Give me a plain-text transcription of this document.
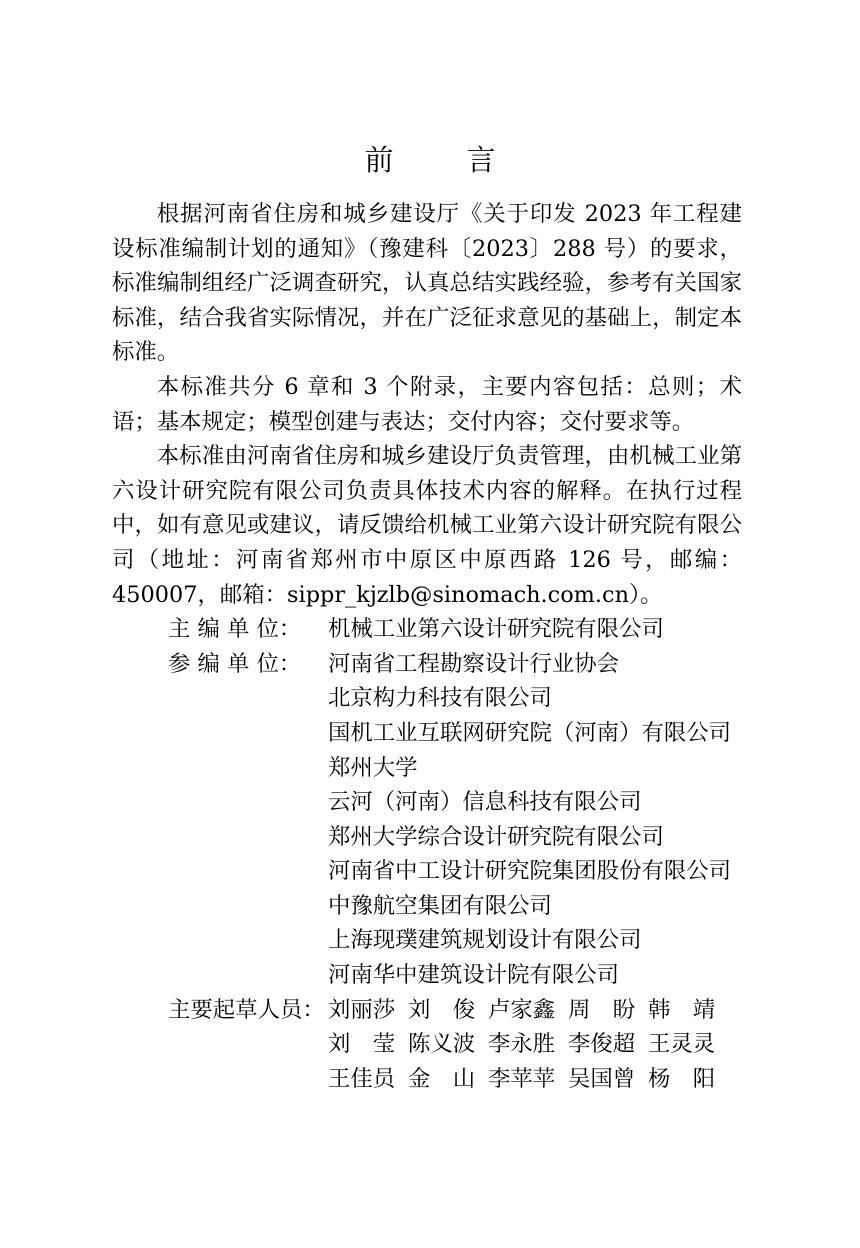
前　言

根据河南省住房和城乡建设厅《关于印发 2023 年工程建设标准编制计划的通知》（豫建科〔2023〕288 号）的要求，标准编制组经广泛调查研究，认真总结实践经验，参考有关国家标准，结合我省实际情况，并在广泛征求意见的基础上，制定本标准。

本标准共分 6 章和 3 个附录，主要内容包括：总则；术语；基本规定；模型创建与表达；交付内容；交付要求等。

本标准由河南省住房和城乡建设厅负责管理，由机械工业第六设计研究院有限公司负责具体技术内容的解释。在执行过程中，如有意见或建议，请反馈给机械工业第六设计研究院有限公司（地址：河南省郑州市中原区中原西路 126 号，邮编：450007，邮箱：sippr_kjzlb@sinomach.com.cn）。

主 编 单 位：	机械工业第六设计研究院有限公司
参 编 单 位：	河南省工程勘察设计行业协会
北京构力科技有限公司
国机工业互联网研究院（河南）有限公司
郑州大学
云河（河南）信息科技有限公司
郑州大学综合设计研究院有限公司
河南省中工设计研究院集团股份有限公司
中豫航空集团有限公司
上海现璞建筑规划设计有限公司
河南华中建筑设计院有限公司
主要起草人员： 刘丽莎 刘　俊 卢家鑫 周　盼 韩　靖
刘　莹 陈义波 李永胜 李俊超 王灵灵
王佳员 金　山 李苹苹 吴国曾 杨　阳
